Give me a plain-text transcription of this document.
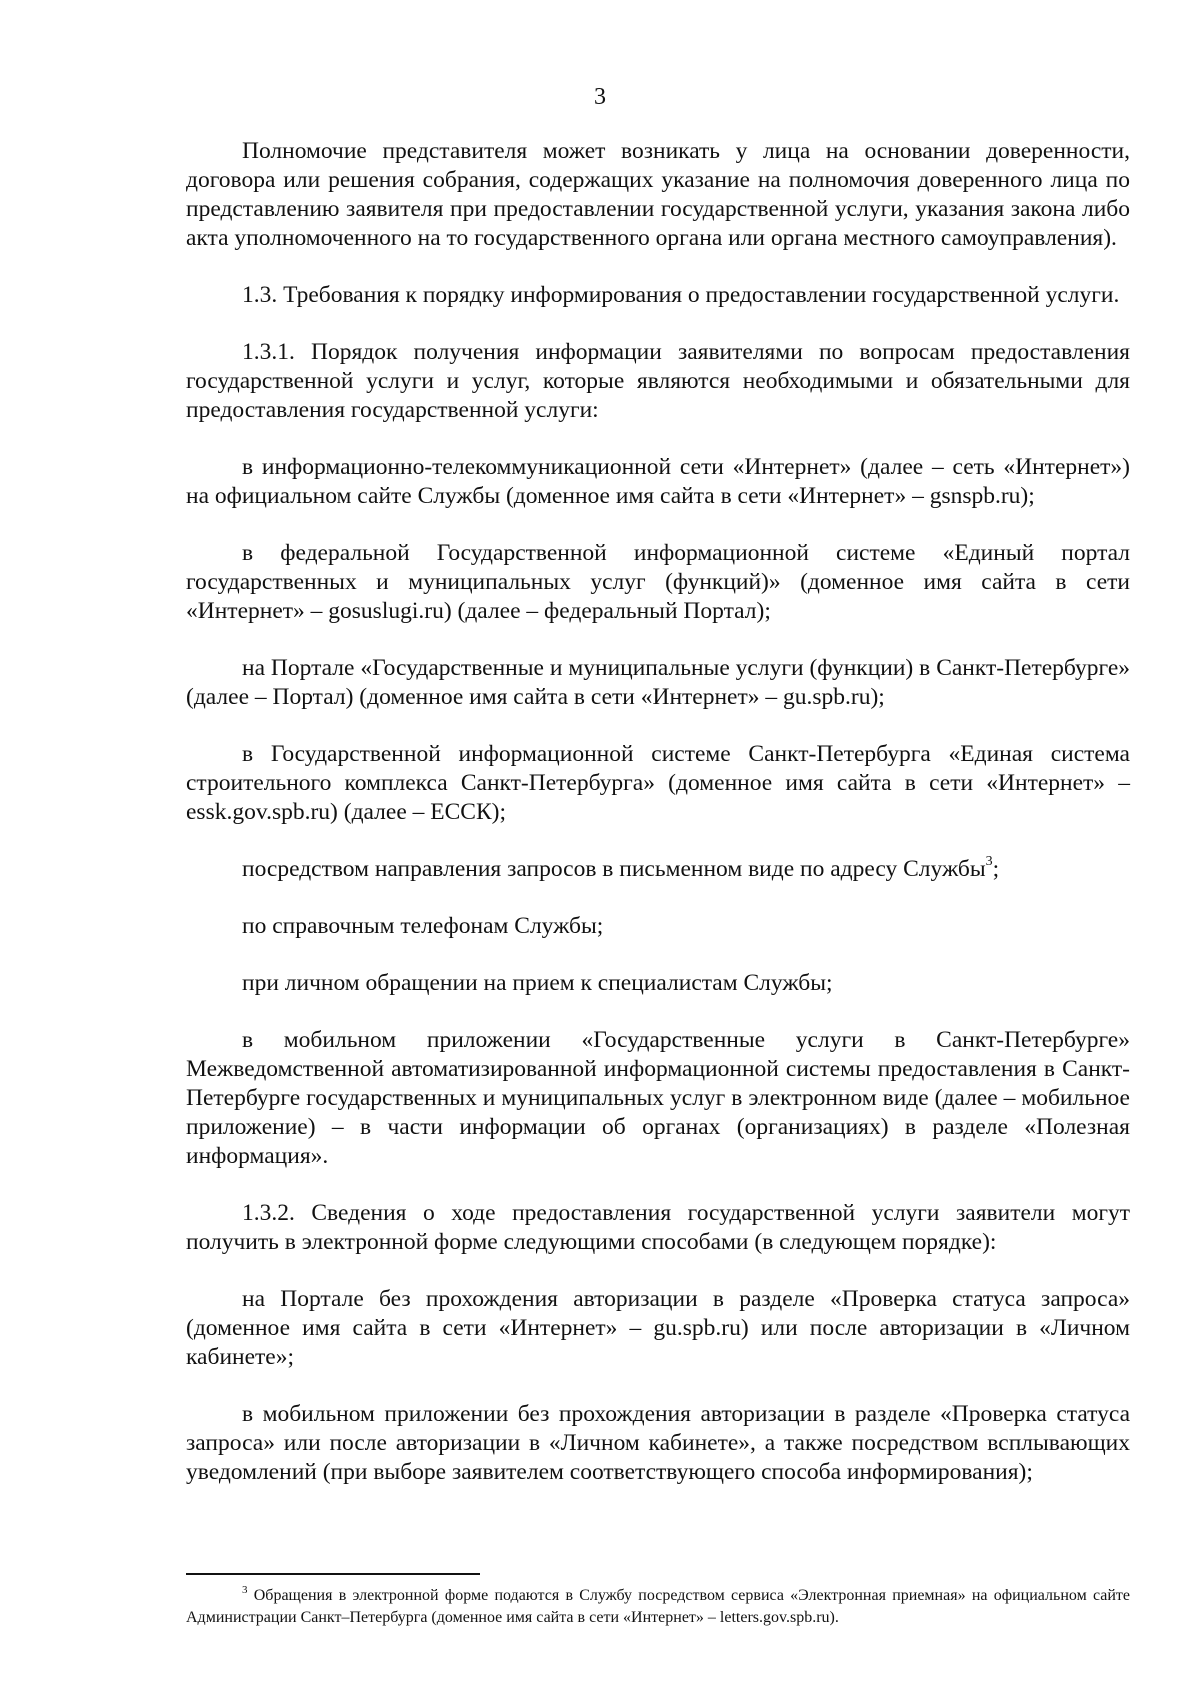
3

Полномочие представителя может возникать у лица на основании доверенности, договора или решения собрания, содержащих указание на полномочия доверенного лица по представлению заявителя при предоставлении государственной услуги, указания закона либо акта уполномоченного на то государственного органа или органа местного самоуправления).

1.3. Требования к порядку информирования о предоставлении государственной услуги.

1.3.1. Порядок получения информации заявителями по вопросам предоставления государственной услуги и услуг, которые являются необходимыми и обязательными для предоставления государственной услуги:

в информационно-телекоммуникационной сети «Интернет» (далее – сеть «Интернет») на официальном сайте Службы (доменное имя сайта в сети «Интернет» – gsnspb.ru);

в федеральной Государственной информационной системе «Единый портал государственных и муниципальных услуг (функций)» (доменное имя сайта в сети «Интернет» – gosuslugi.ru) (далее – федеральный Портал);

на Портале «Государственные и муниципальные услуги (функции) в Санкт-Петербурге» (далее – Портал) (доменное имя сайта в сети «Интернет» – gu.spb.ru);

в Государственной информационной системе Санкт-Петербурга «Единая система строительного комплекса Санкт-Петербурга» (доменное имя сайта в сети «Интернет» – essk.gov.spb.ru) (далее – ЕССК);

посредством направления запросов в письменном виде по адресу Службы$^3$;

по справочным телефонам Службы;

при личном обращении на прием к специалистам Службы;

в мобильном приложении «Государственные услуги в Санкт-Петербурге» Межведомственной автоматизированной информационной системы предоставления в Санкт-Петербурге государственных и муниципальных услуг в электронном виде (далее – мобильное приложение) – в части информации об органах (организациях) в разделе «Полезная информация».

1.3.2. Сведения о ходе предоставления государственной услуги заявители могут получить в электронной форме следующими способами (в следующем порядке):

на Портале без прохождения авторизации в разделе «Проверка статуса запроса» (доменное имя сайта в сети «Интернет» – gu.spb.ru) или после авторизации в «Личном кабинете»;

в мобильном приложении без прохождения авторизации в разделе «Проверка статуса запроса» или после авторизации в «Личном кабинете», а также посредством всплывающих уведомлений (при выборе заявителем соответствующего способа информирования);

$^3$ Обращения в электронной форме подаются в Службу посредством сервиса «Электронная приемная» на официальном сайте Администрации Санкт–Петербурга (доменное имя сайта в сети «Интернет» – letters.gov.spb.ru).
